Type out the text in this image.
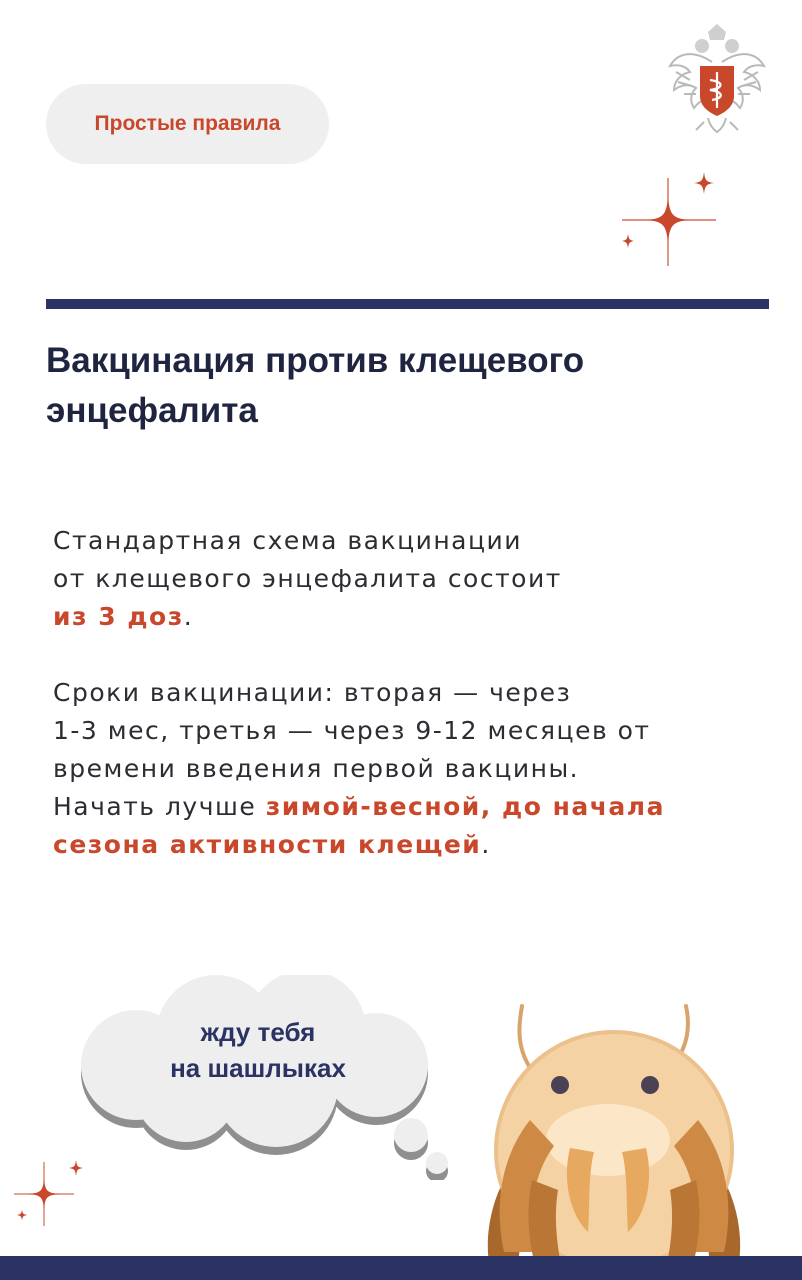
Простые правила
Вакцинация против клещевого
энцефалита

Стандартная схема вакцинации
от клещевого энцефалита состоит
из 3 доз.

Сроки вакцинации: вторая — через
1-3 мес, третья — через 9-12 месяцев от
времени введения первой вакцины.
Начать лучше зимой-весной, до начала
сезона активности клещей.

жду тебя
на шашлыках
